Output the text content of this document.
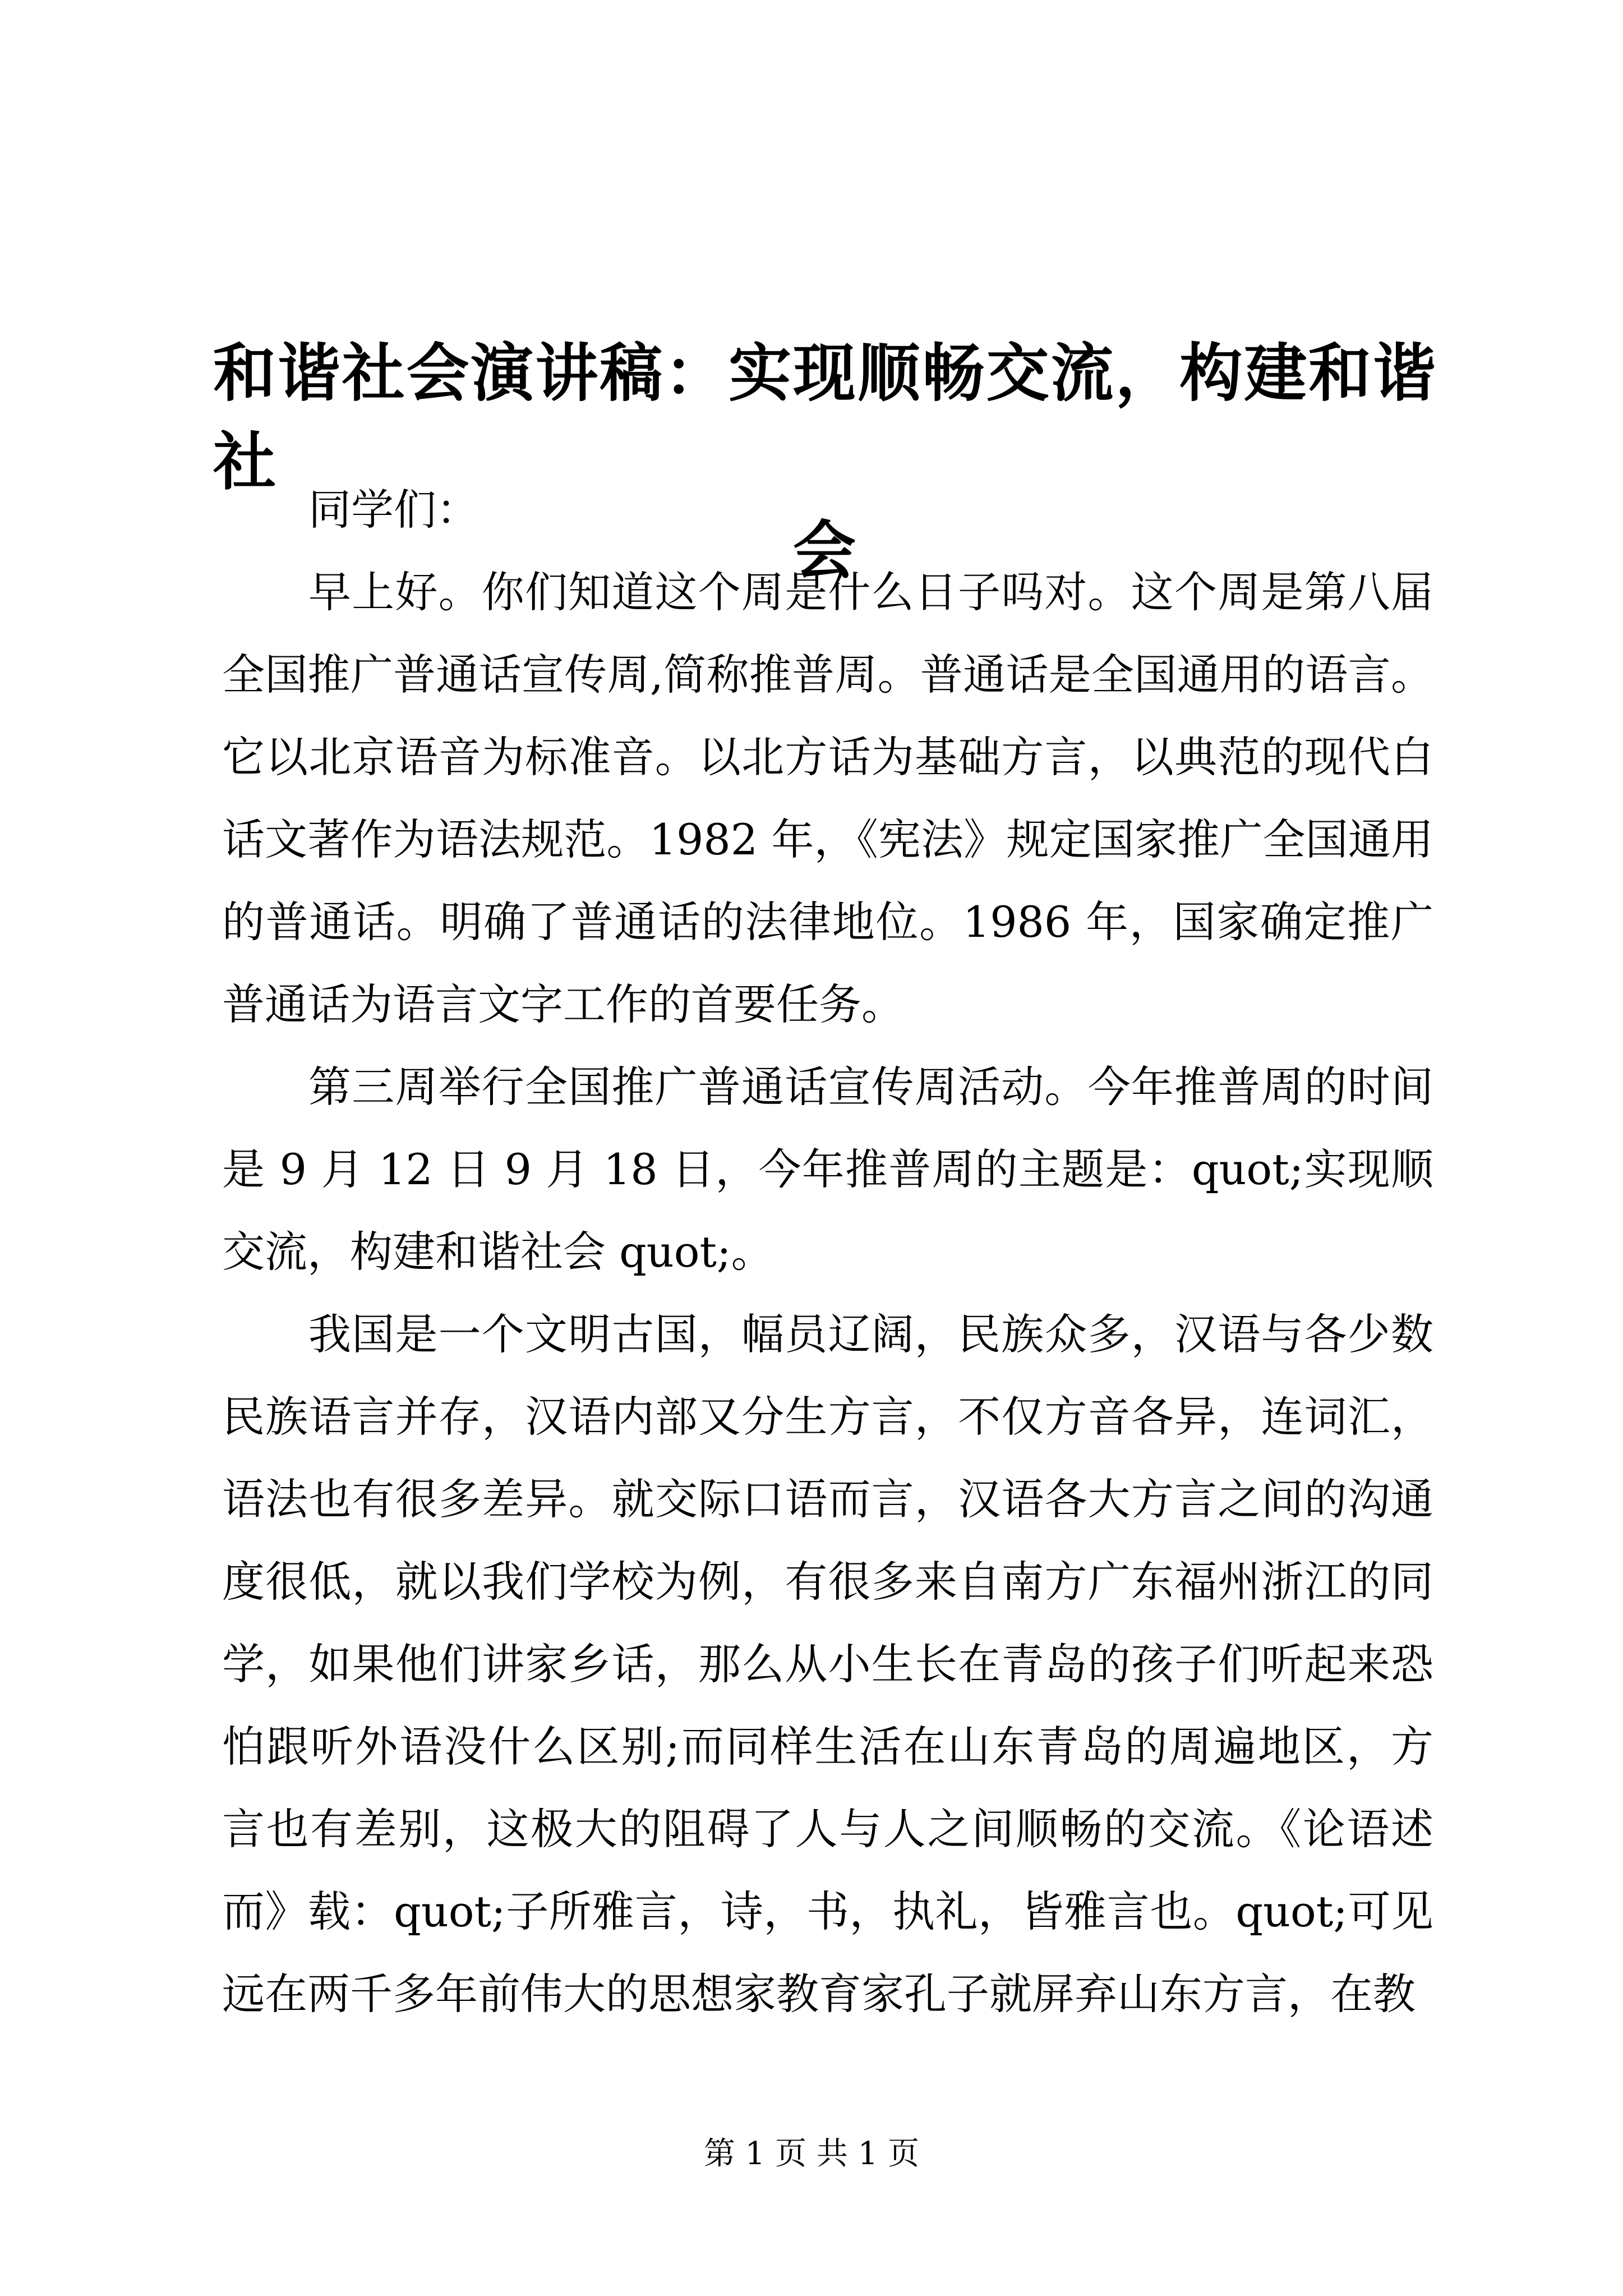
和谐社会演讲稿：实现顺畅交流，构建和谐社
会
同学们：
早上好。你们知道这个周是什么日子吗对。这个周是第八届
全国推广普通话宣传周,简称推普周。普通话是全国通用的语言。
它以北京语音为标准音。以北方话为基础方言，以典范的现代白
话文著作为语法规范。1982 年，《宪法》规定国家推广全国通用
的普通话。明确了普通话的法律地位。1986 年，国家确定推广
普通话为语言文字工作的首要任务。
第三周举行全国推广普通话宣传周活动。今年推普周的时间
是 9 月 12 日 9 月 18 日，今年推普周的主题是：quot;实现顺
交流，构建和谐社会 quot;。
我国是一个文明古国，幅员辽阔，民族众多，汉语与各少数
民族语言并存，汉语内部又分生方言，不仅方音各异，连词汇，
语法也有很多差异。就交际口语而言，汉语各大方言之间的沟通
度很低，就以我们学校为例，有很多来自南方广东福州浙江的同
学，如果他们讲家乡话，那么从小生长在青岛的孩子们听起来恐
怕跟听外语没什么区别;而同样生活在山东青岛的周遍地区，方
言也有差别，这极大的阻碍了人与人之间顺畅的交流。《论语述
而》载：quot;子所雅言，诗，书，执礼，皆雅言也。quot;可见
远在两千多年前伟大的思想家教育家孔子就屏弃山东方言，在教
第 1 页 共 1 页
